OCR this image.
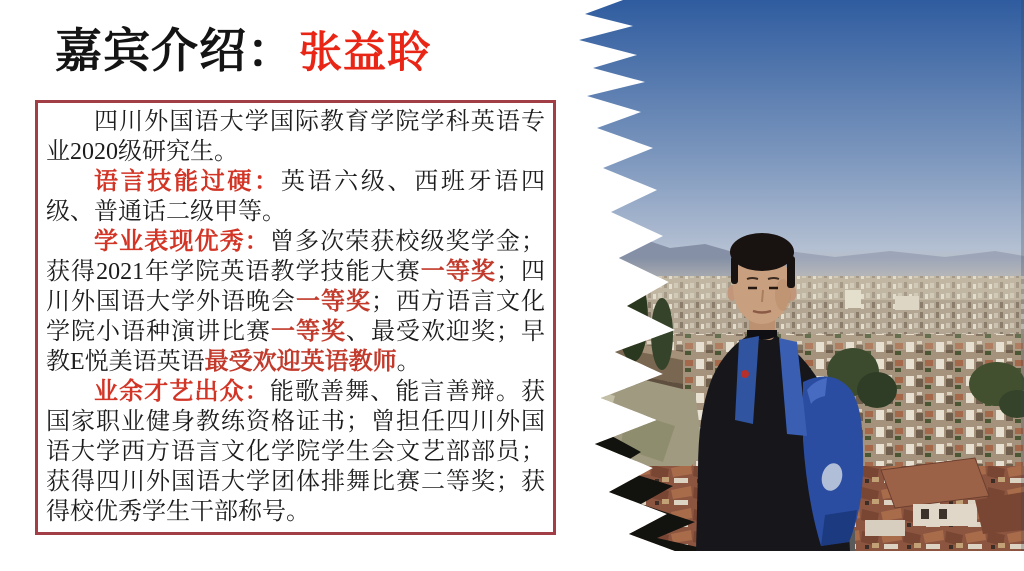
嘉宾介绍： 张益聆

四川外国语大学国际教育学院学科英语专业2020级研究生。

语言技能过硬：英语六级、西班牙语四级、普通话二级甲等。

学业表现优秀：曾多次荣获校级奖学金；获得2021年学院英语教学技能大赛一等奖；四川外国语大学外语晚会一等奖；西方语言文化学院小语种演讲比赛一等奖、最受欢迎奖；早教E悦美语英语最受欢迎英语教师。

业余才艺出众：能歌善舞、能言善辩。获国家职业健身教练资格证书；曾担任四川外国语大学西方语言文化学院学生会文艺部部员；获得四川外国语大学团体排舞比赛二等奖；获得校优秀学生干部称号。
